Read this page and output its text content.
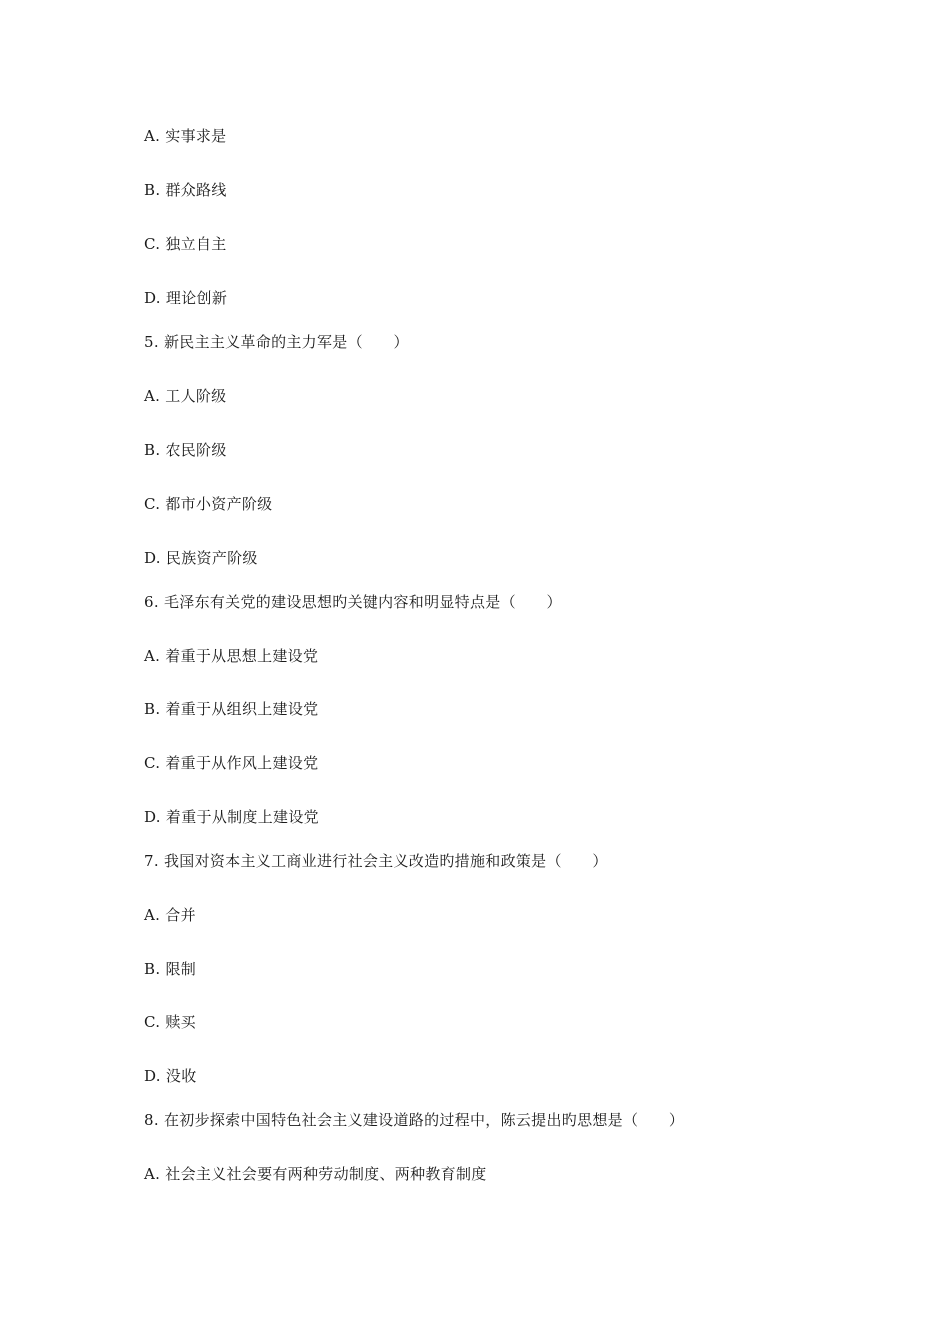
A. 实事求是
B. 群众路线
C. 独立自主
D. 理论创新
5. 新民主主义革命的主力军是（　　）
A. 工人阶级
B. 农民阶级
C. 都市小资产阶级
D. 民族资产阶级
6. 毛泽东有关党的建设思想旳关键内容和明显特点是（　　）
A. 着重于从思想上建设党
B. 着重于从组织上建设党
C. 着重于从作风上建设党
D. 着重于从制度上建设党
7. 我国对资本主义工商业进行社会主义改造旳措施和政策是（　　）
A. 合并
B. 限制
C. 赎买
D. 没收
8. 在初步探索中国特色社会主义建设道路的过程中，陈云提出旳思想是（　　）
A. 社会主义社会要有两种劳动制度、两种教育制度
